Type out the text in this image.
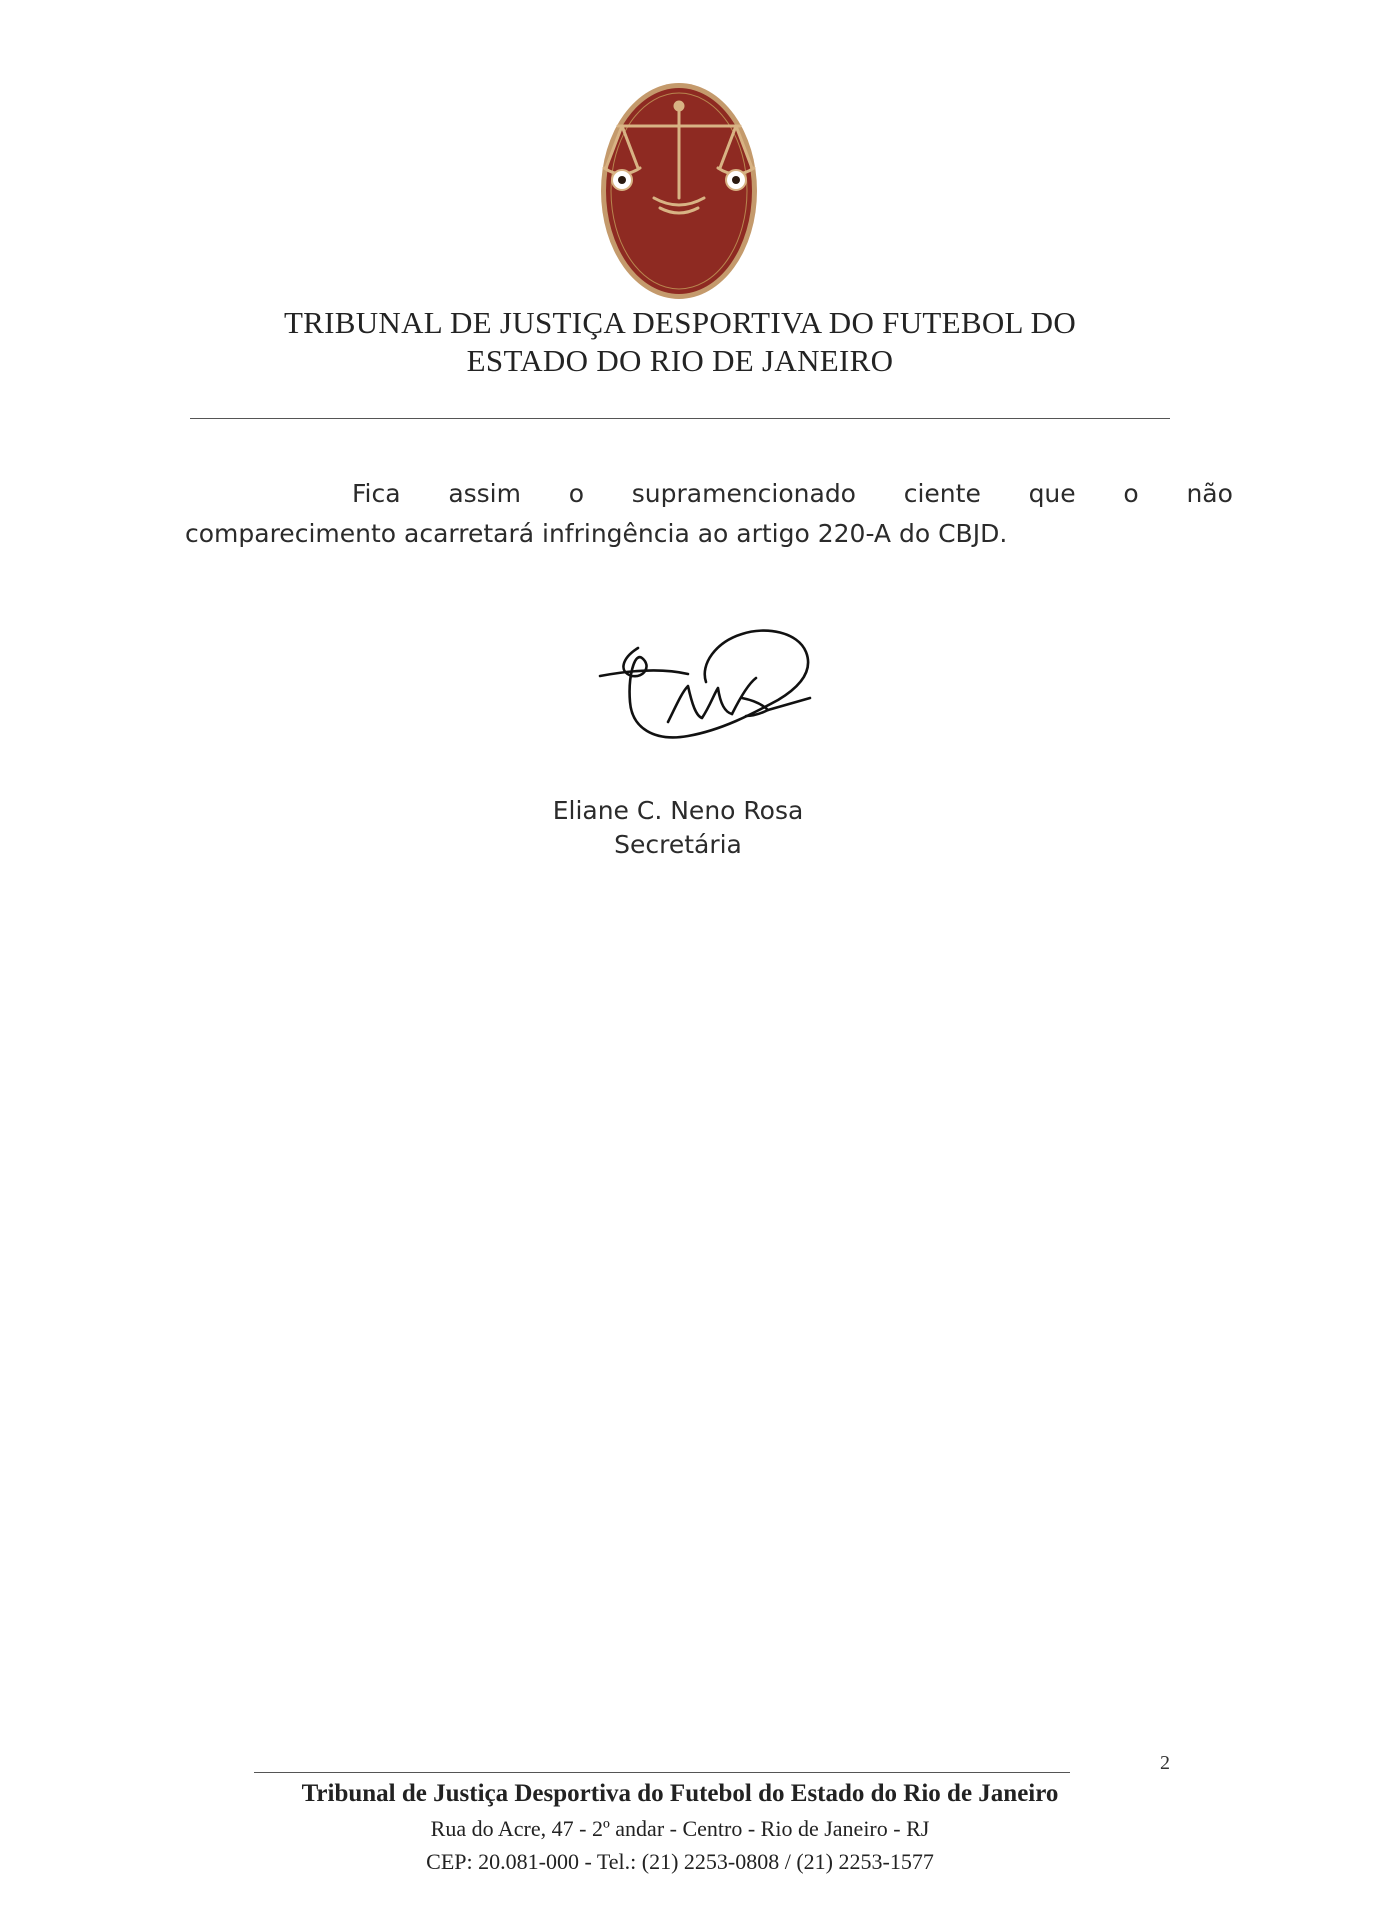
TRIBUNAL DE JUSTIÇA DESPORTIVA DO FUTEBOL DO
ESTADO DO RIO DE JANEIRO
Fica assim o supramencionado ciente que o não
comparecimento acarretará infringência ao artigo 220-A do CBJD.
Eliane C. Neno Rosa
Secretária
2
Tribunal de Justiça Desportiva do Futebol do Estado do Rio de Janeiro
Rua do Acre, 47 - 2º andar - Centro - Rio de Janeiro - RJ
CEP: 20.081-000 - Tel.: (21) 2253-0808 / (21) 2253-1577
